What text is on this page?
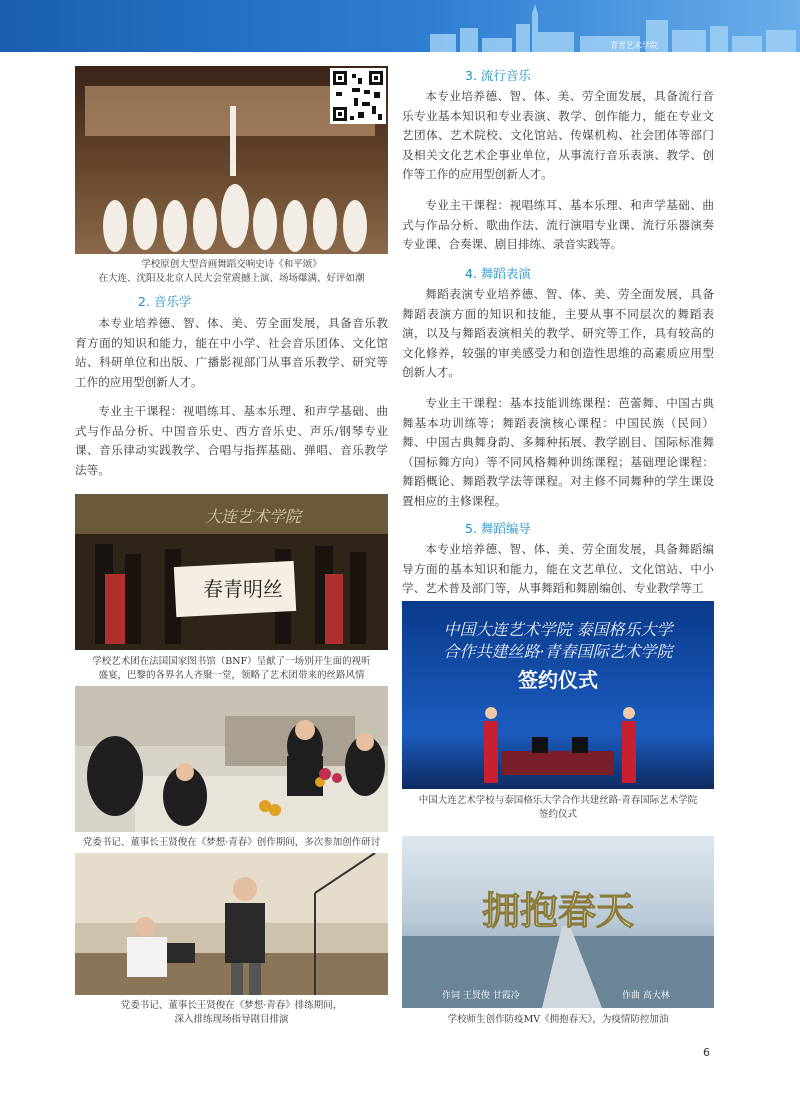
青青艺术学院
学校原创大型音画舞蹈交响史诗《和平颂》
在大连、沈阳及北京人民大会堂震撼上演、场场爆满、好评如潮
2. 音乐学

本专业培养德、智、体、美、劳全面发展，具备音乐教育方面的知识和能力，能在中小学、社会音乐团体、文化馆站、科研单位和出版、广播影视部门从事音乐教学、研究等工作的应用型创新人才。

专业主干课程：视唱练耳、基本乐理、和声学基础、曲式与作品分析、中国音乐史、西方音乐史、声乐/钢琴专业课、音乐律动实践教学、合唱与指挥基础、弹唱、音乐教学法等。

大连艺术学院
春青明丝
学校艺术团在法国国家图书馆（BNF）呈献了一场别开生面的视听
盛宴，巴黎的各界名人齐聚一堂，领略了艺术团带来的丝路风情
党委书记、董事长王贤俊在《梦想·青春》创作期间，多次参加创作研讨
党委书记、董事长王贤俊在《梦想·青春》排练期间，
深入排练现场指导剧目排演
3. 流行音乐

本专业培养德、智、体、美、劳全面发展，具备流行音乐专业基本知识和专业表演、教学、创作能力，能在专业文艺团体、艺术院校、文化馆站、传媒机构、社会团体等部门及相关文化艺术企事业单位，从事流行音乐表演、教学、创作等工作的应用型创新人才。

专业主干课程：视唱练耳、基本乐理、和声学基础、曲式与作品分析、歌曲作法、流行演唱专业课、流行乐器演奏专业课、合奏课、剧目排练、录音实践等。

4. 舞蹈表演

舞蹈表演专业培养德、智、体、美、劳全面发展，具备舞蹈表演方面的知识和技能，主要从事不同层次的舞蹈表演，以及与舞蹈表演相关的教学、研究等工作，具有较高的文化修养，较强的审美感受力和创造性思维的高素质应用型创新人才。

专业主干课程：基本技能训练课程：芭蕾舞、中国古典舞基本功训练等；舞蹈表演核心课程：中国民族（民间）舞、中国古典舞身韵、多舞种拓展、教学剧目、国际标准舞（国标舞方向）等不同风格舞种训练课程；基础理论课程：舞蹈概论、舞蹈教学法等课程。对主修不同舞种的学生课设置相应的主修课程。

5. 舞蹈编导

本专业培养德、智、体、美、劳全面发展，具备舞蹈编导方面的基本知识和能力，能在文艺单位、文化馆站、中小学、艺术普及部门等，从事舞蹈和舞剧编创、专业教学等工

中国大连艺术学院 泰国格乐大学
合作共建丝路·青春国际艺术学院
签约仪式
中国大连艺术学校与泰国格乐大学合作共建丝路·青春国际艺术学院
签约仪式
拥抱春天
作词 王贤俊 甘霞冷	作曲 高大林
学校师生创作防疫MV《拥抱春天》，为疫情防控加油
6
